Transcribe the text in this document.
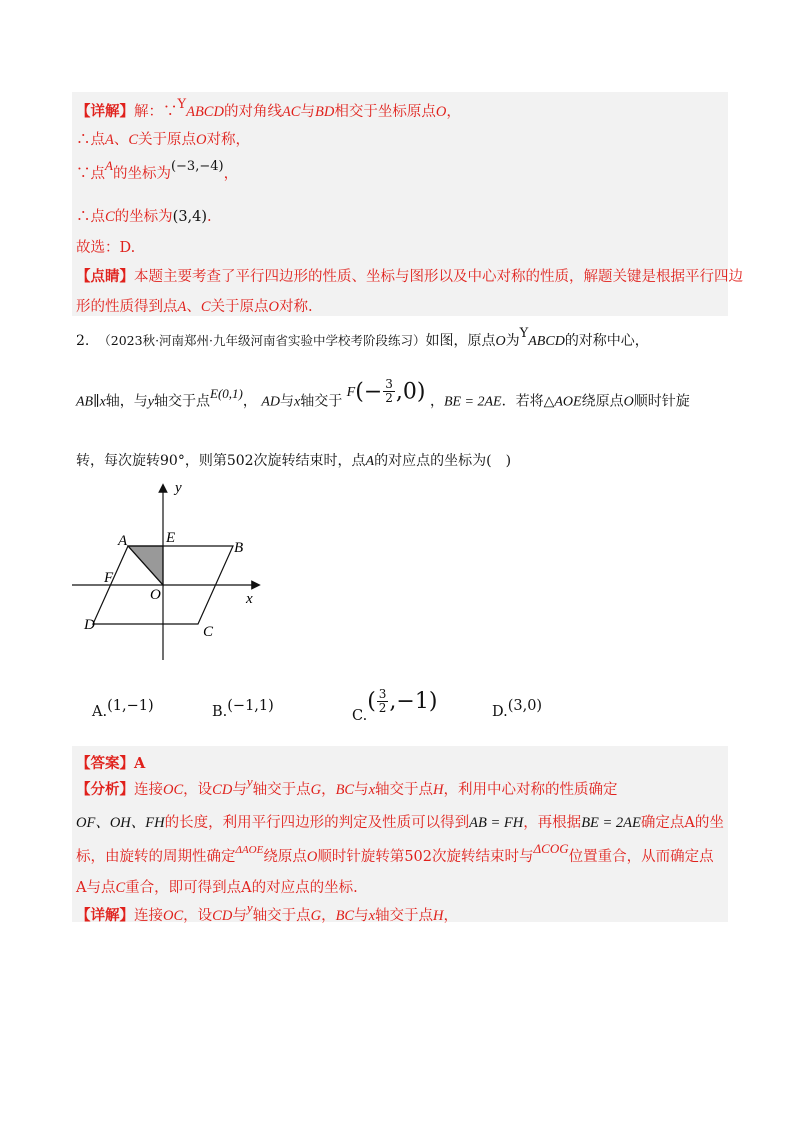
【详解】解：∵YABCD的对角线AC与BD相交于坐标原点O，
∴点A、C关于原点O对称，
∵点A的坐标为(−3,−4)，
∴点C的坐标为(3,4).
故选：D.
【点睛】本题主要考查了平行四边形的性质、坐标与图形以及中心对称的性质，解题关键是根据平行四边
形的性质得到点A、C关于原点O对称.
2. （2023秋·河南郑州·九年级河南省实验中学校考阶段练习）如图，原点O为YABCD的对称中心，
AB∥x轴，与y轴交于点E(0,1)， AD与x轴交于 $F(- \frac{3}{2} ,0)$ ，BE = 2AE．若将△AOE绕原点O顺时针旋
转，每次旋转90°，则第502次旋转结束时，点A的对应点的坐标为(　)
y
x
A	E
B
F
O
D	C
A.(1,−1)	B.(−1,1)
$C.( \frac{3}{2} ,-1)$	D.(3,0)
【答案】A
【分析】连接OC，设CD与y轴交于点G，BC与x轴交于点H，利用中心对称的性质确定
OF、OH、FH的长度，利用平行四边形的判定及性质可以得到AB = FH，再根据BE = 2AE确定点A的坐
标，由旋转的周期性确定$^{\Delta AOE}$绕原点O顺时针旋转第502次旋转结束时与ΔCOG位置重合，从而确定点
A与点C重合，即可得到点A的对应点的坐标.
【详解】连接OC，设CD与y轴交于点G，BC与x轴交于点H，
